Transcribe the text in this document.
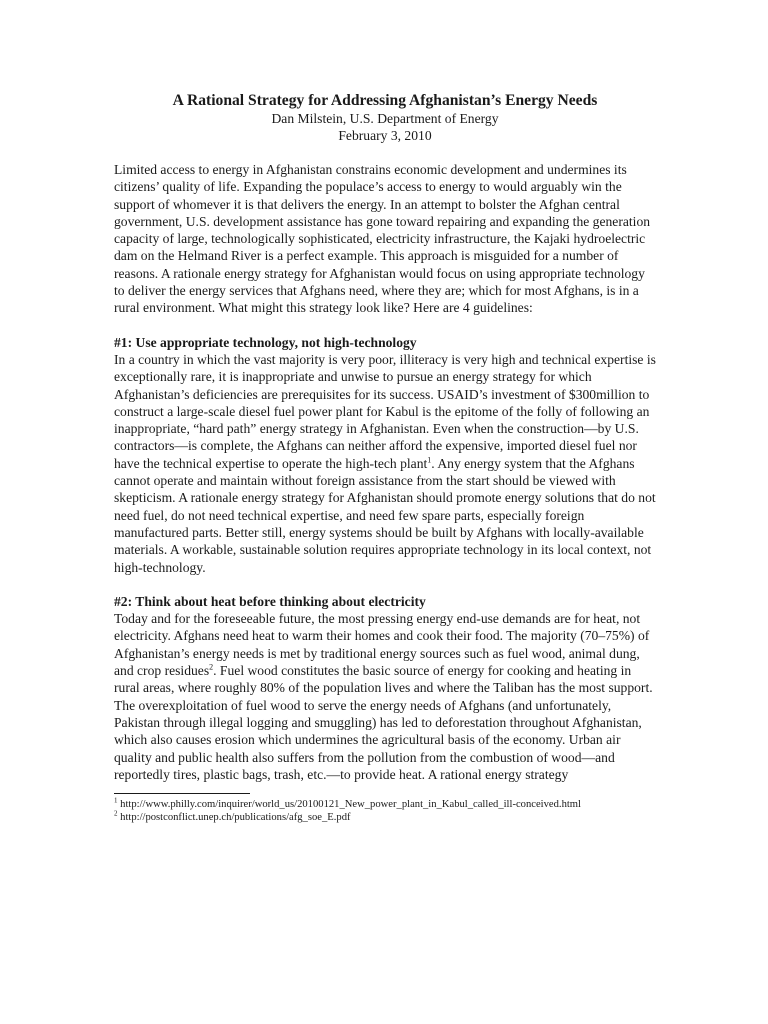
A Rational Strategy for Addressing Afghanistan’s Energy Needs
Dan Milstein, U.S. Department of Energy
February 3, 2010

Limited access to energy in Afghanistan constrains economic development and undermines its citizens’ quality of life. Expanding the populace’s access to energy to would arguably win the support of whomever it is that delivers the energy. In an attempt to bolster the Afghan central government, U.S. development assistance has gone toward repairing and expanding the generation capacity of large, technologically sophisticated, electricity infrastructure, the Kajaki hydroelectric dam on the Helmand River is a perfect example. This approach is misguided for a number of reasons. A rationale energy strategy for Afghanistan would focus on using appropriate technology to deliver the energy services that Afghans need, where they are; which for most Afghans, is in a rural environment. What might this strategy look like? Here are 4 guidelines:

#1: Use appropriate technology, not high-technology

In a country in which the vast majority is very poor, illiteracy is very high and technical expertise is exceptionally rare, it is inappropriate and unwise to pursue an energy strategy for which Afghanistan’s deficiencies are prerequisites for its success. USAID’s investment of $300million to construct a large-scale diesel fuel power plant for Kabul is the epitome of the folly of following an inappropriate, “hard path” energy strategy in Afghanistan. Even when the construction—by U.S. contractors—is complete, the Afghans can neither afford the expensive, imported diesel fuel nor have the technical expertise to operate the high-tech plant$^1$. Any energy system that the Afghans cannot operate and maintain without foreign assistance from the start should be viewed with skepticism. A rationale energy strategy for Afghanistan should promote energy solutions that do not need fuel, do not need technical expertise, and need few spare parts, especially foreign manufactured parts. Better still, energy systems should be built by Afghans with locally-available materials. A workable, sustainable solution requires appropriate technology in its local context, not high-technology.

#2: Think about heat before thinking about electricity

Today and for the foreseeable future, the most pressing energy end-use demands are for heat, not electricity. Afghans need heat to warm their homes and cook their food. The majority (70–75%) of Afghanistan’s energy needs is met by traditional energy sources such as fuel wood, animal dung, and crop residues$^2$. Fuel wood constitutes the basic source of energy for cooking and heating in rural areas, where roughly 80% of the population lives and where the Taliban has the most support. The overexploitation of fuel wood to serve the energy needs of Afghans (and unfortunately, Pakistan through illegal logging and smuggling) has led to deforestation throughout Afghanistan, which also causes erosion which undermines the agricultural basis of the economy. Urban air quality and public health also suffers from the pollution from the combustion of wood—and reportedly tires, plastic bags, trash, etc.—to provide heat. A rational energy strategy

$^1$ http://www.philly.com/inquirer/world_us/20100121_New_power_plant_in_Kabul_called_ill-conceived.html

$^2$ http://postconflict.unep.ch/publications/afg_soe_E.pdf
